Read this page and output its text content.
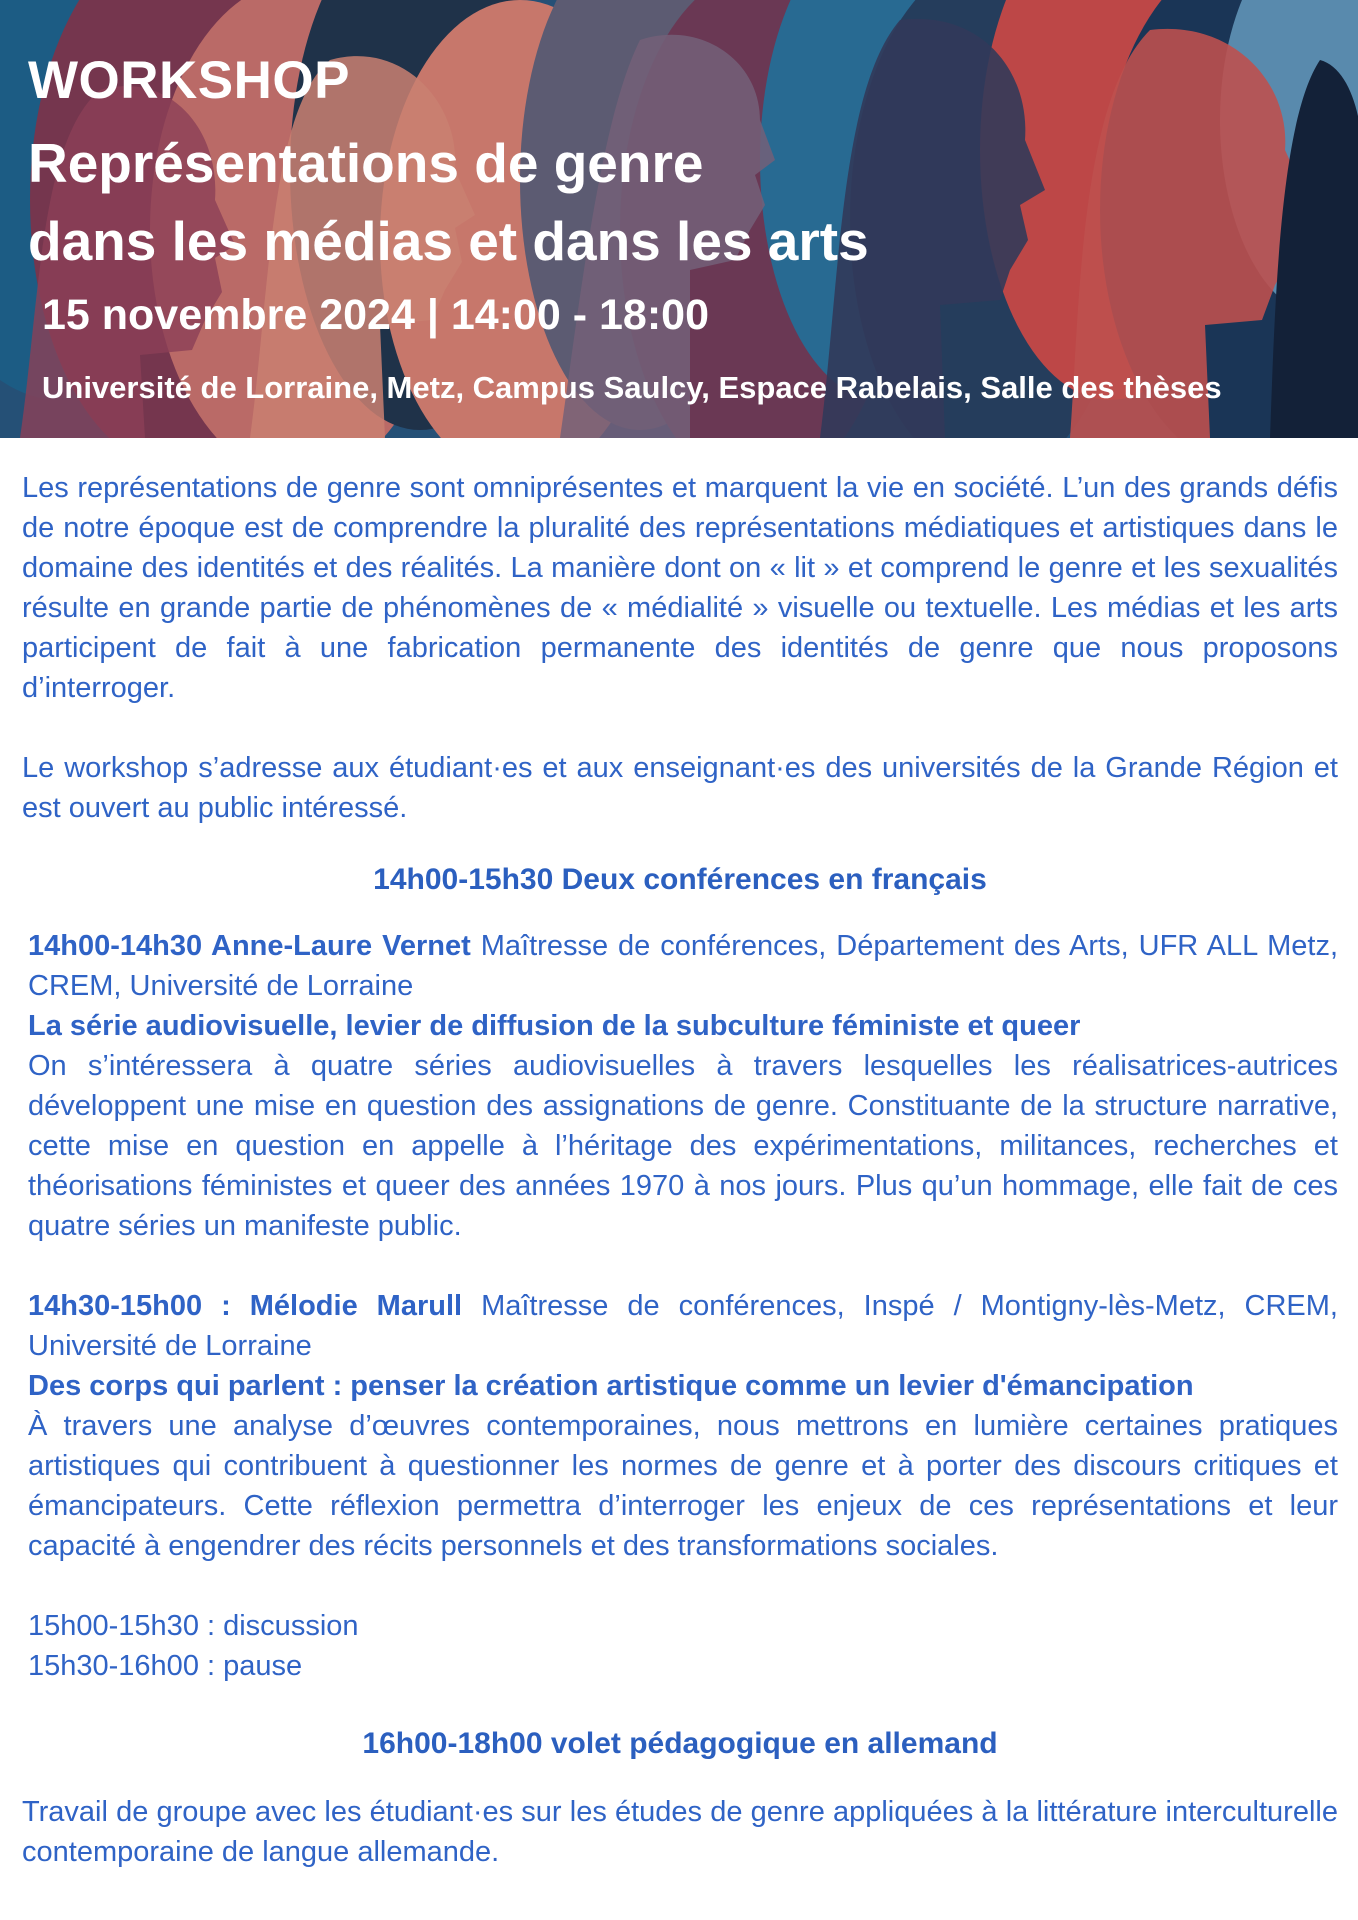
WORKSHOP
Représentations de genre
dans les médias et dans les arts
15 novembre 2024 | 14:00 - 18:00
Université de Lorraine, Metz, Campus Saulcy, Espace Rabelais, Salle des thèses

Les représentations de genre sont omniprésentes et marquent la vie en société. L’un des grands défis de notre époque est de comprendre la pluralité des représentations médiatiques et artistiques dans le domaine des identités et des réalités. La manière dont on « lit » et comprend le genre et les sexualités résulte en grande partie de phénomènes de « médialité » visuelle ou textuelle. Les médias et les arts participent de fait à une fabrication permanente des identités de genre que nous proposons d’interroger.

Le workshop s’adresse aux étudiant·es et aux enseignant·es des universités de la Grande Région et est ouvert au public intéressé.

14h00-15h30 Deux conférences en français

14h00-14h30 Anne-Laure Vernet Maîtresse de conférences, Département des Arts, UFR ALL Metz, CREM, Université de Lorraine

La série audiovisuelle, levier de diffusion de la subculture féministe et queer

On s’intéressera à quatre séries audiovisuelles à travers lesquelles les réalisatrices-autrices développent une mise en question des assignations de genre. Constituante de la structure narrative, cette mise en question en appelle à l’héritage des expérimentations, militances, recherches et théorisations féministes et queer des années 1970 à nos jours. Plus qu’un hommage, elle fait de ces quatre séries un manifeste public.

14h30-15h00 : Mélodie Marull Maîtresse de conférences, Inspé / Montigny-lès-Metz, CREM, Université de Lorraine

Des corps qui parlent : penser la création artistique comme un levier d'émancipation

À travers une analyse d’œuvres contemporaines, nous mettrons en lumière certaines pratiques artistiques qui contribuent à questionner les normes de genre et à porter des discours critiques et émancipateurs. Cette réflexion permettra d’interroger les enjeux de ces représentations et leur capacité à engendrer des récits personnels et des transformations sociales.

15h00-15h30 : discussion

15h30-16h00 : pause

16h00-18h00 volet pédagogique en allemand

Travail de groupe avec les étudiant·es sur les études de genre appliquées à la littérature interculturelle contemporaine de langue allemande.
